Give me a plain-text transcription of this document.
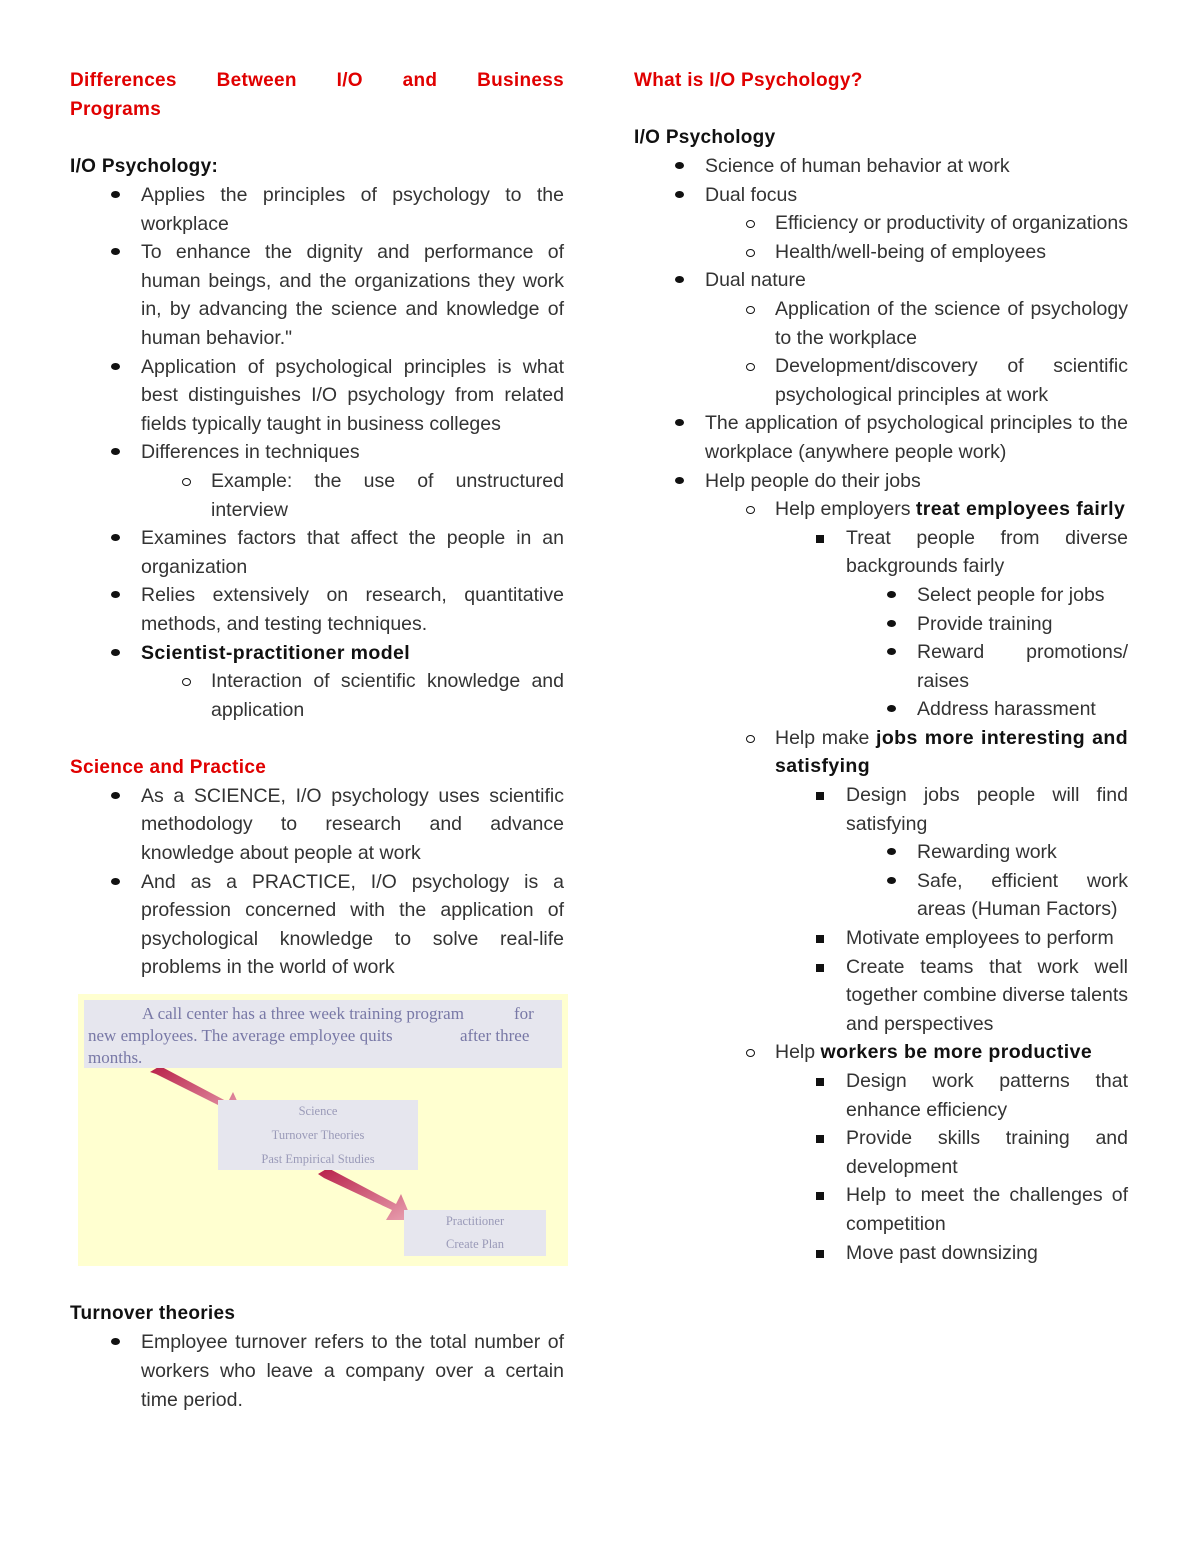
Differences Between I/O and Business
Programs
I/O Psychology:
Applies the principles of psychology to the workplace
To enhance the dignity and performance of human beings, and the organizations they work in, by advancing the science and knowledge of human behavior."
Application of psychological principles is what best distinguishes I/O psychology from related fields typically taught in business colleges
Differences in techniques
Example: the use of unstructured interview
Examines factors that affect the people in an organization
Relies extensively on research, quantitative methods, and testing techniques.
Scientist-practitioner model
Interaction of scientific knowledge and application
Science and Practice
As a SCIENCE, I/O psychology uses scientific methodology to research and advance knowledge about people at work
And as a PRACTICE, I/O psychology is a profession concerned with the application of psychological knowledge to solve real-life problems in the world of work
A call center has a three week training program	for
new employees. The average employee quits	after three
months.
Science
Turnover Theories
Past Empirical Studies
Practitioner
Create Plan
Turnover theories
Employee turnover refers to the total number of workers who leave a company over a certain time period.
What is I/O Psychology?
I/O Psychology
Science of human behavior at work
Dual focus
Efficiency or productivity of organizations
Health/well-being of employees
Dual nature
Application of the science of psychology to the workplace
Development/discovery of scientific psychological principles at work
The application of psychological principles to the workplace (anywhere people work)
Help people do their jobs
Help employers treat employees fairly
Treat people from diverse backgrounds fairly
Select people for jobs
Provide training
Reward promotions/ raises
Address harassment
Help make jobs more interesting and satisfying
Design jobs people will find satisfying
Rewarding work
Safe, efficient work areas (Human Factors)
Motivate employees to perform
Create teams that work well together combine diverse talents and perspectives
Help workers be more productive
Design work patterns that enhance efficiency
Provide skills training and development
Help to meet the challenges of competition
Move past downsizing
